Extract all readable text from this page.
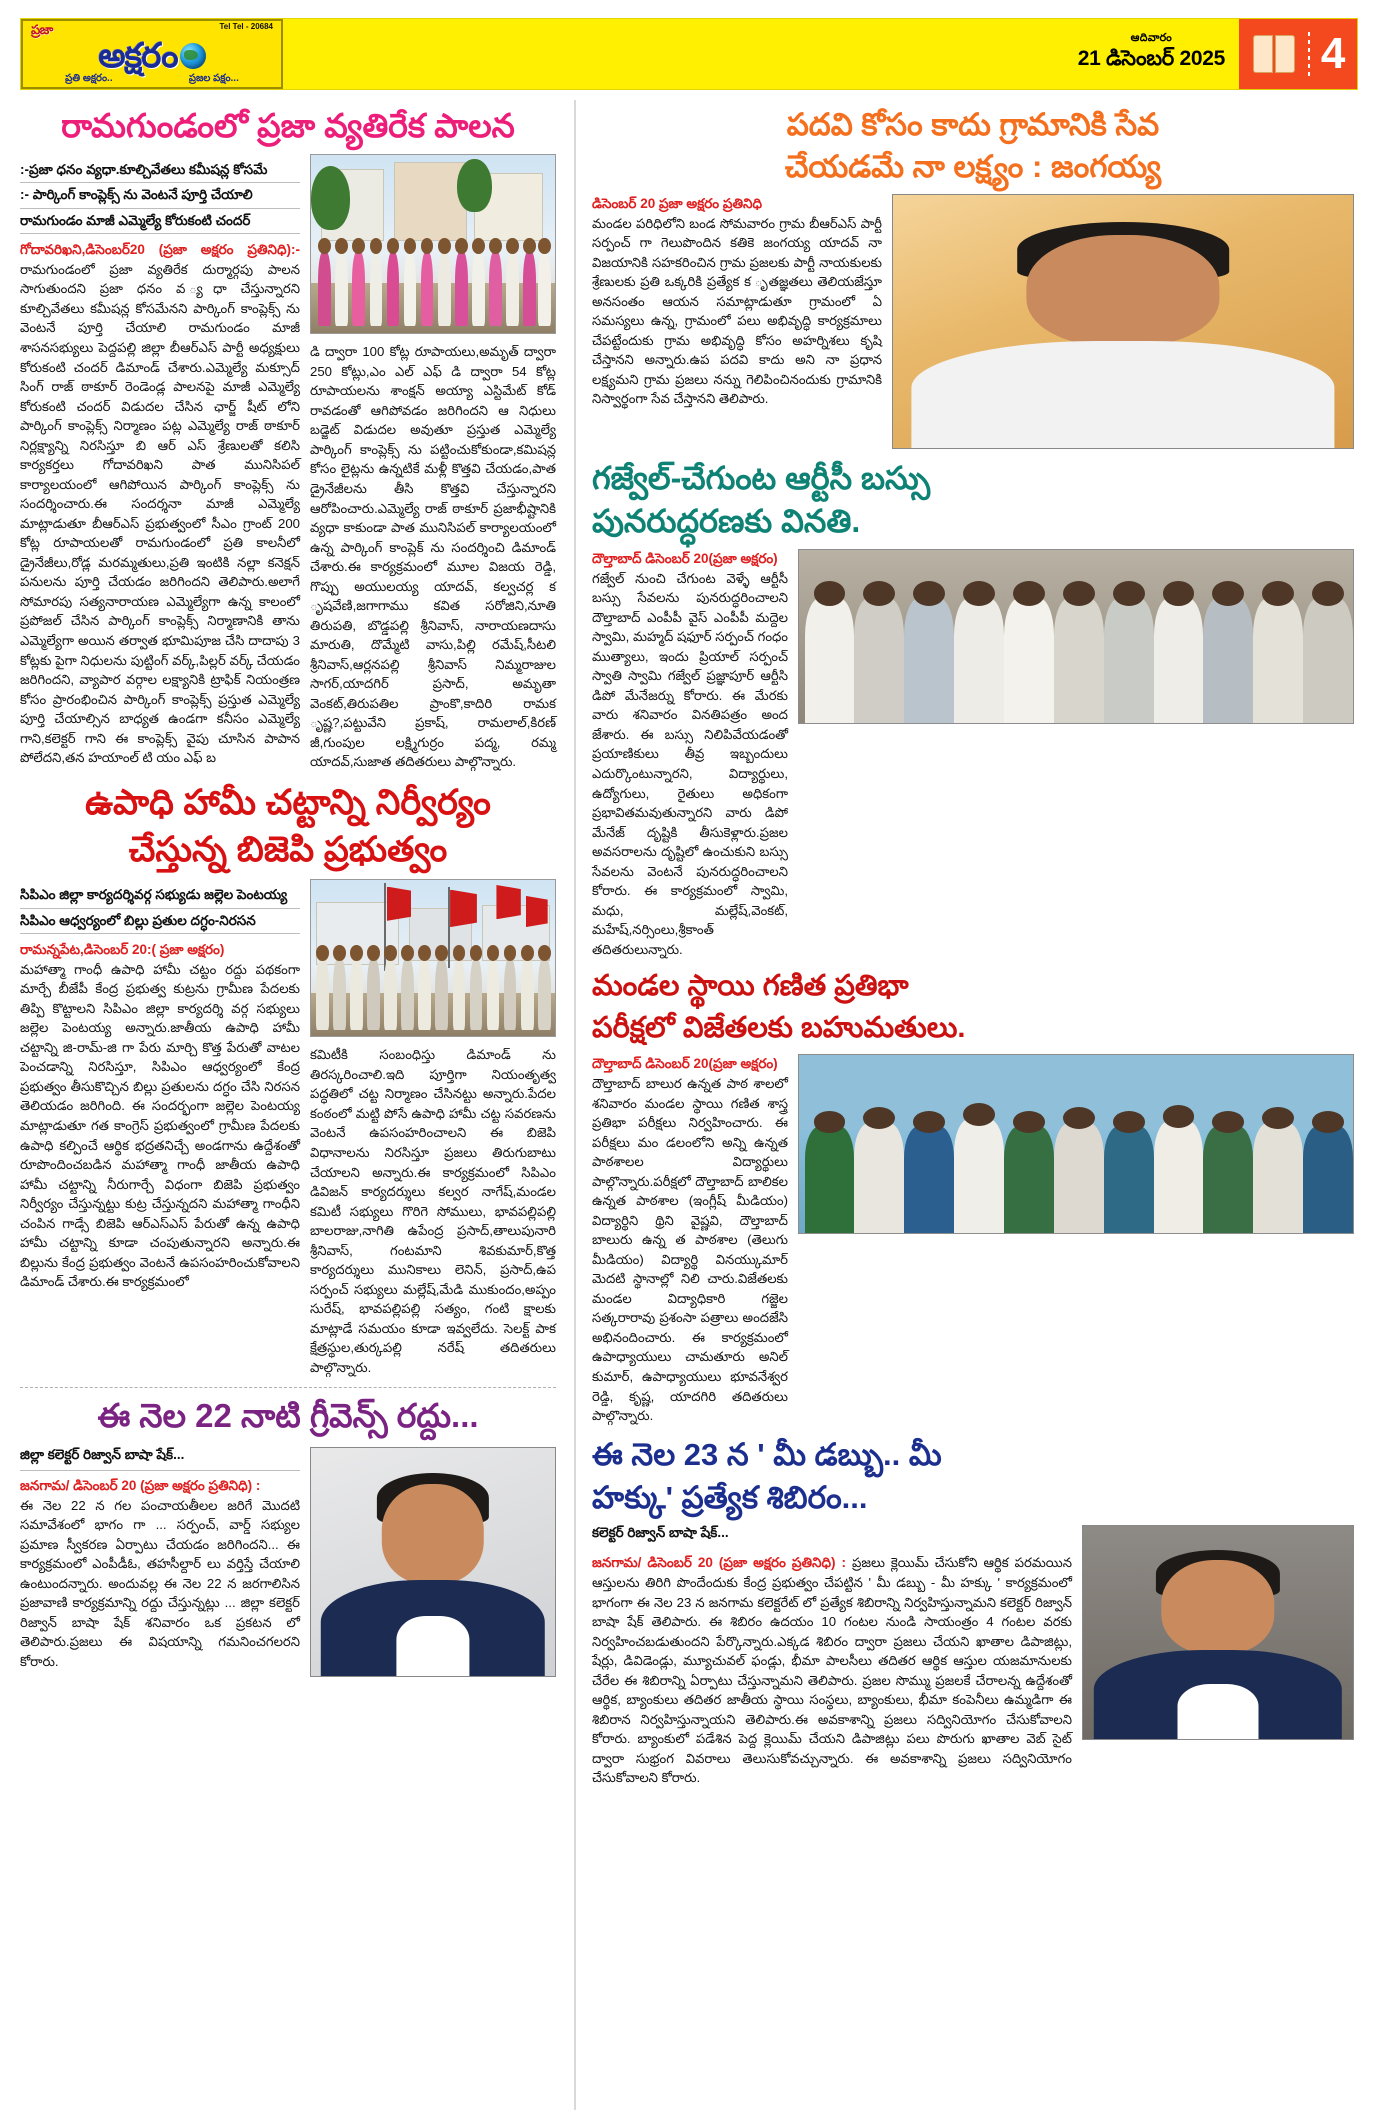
ప్రజా	Tel Tel - 20684
అక్షరం
ప్రతి అక్షరం..	ప్రజల పక్షం...
ఆదివారం
21 డిసెంబర్ 2025 4
రామగుండంలో ప్రజా వ్యతిరేక పాలన
:-ప్రజా ధనం వ్యధా.కూల్చివేతలు కమీషన్ల కోసమే
:- పార్కింగ్ కాంప్లెక్స్ ను వెంటనే పూర్తి చేయాలి
రామగుండం మాజీ ఎమ్మెల్యే కోరుకంటి చందర్
గోదావరిఖని,డిసెంబర్20 (ప్రజా అక్షరం ప్రతినిధి):- రామగుండంలో ప్రజా వ్యతిరేక దుర్మార్గపు పాలన సాగుతుందని ప్రజా ధనం వ ్యధా చేస్తున్నారని కూల్చివేతలు కమీషన్ల కోసమేనని పార్కింగ్ కాంప్లెక్స్ ను వెంటనే పూర్తి చేయాలి రామగుండం మాజీ శాసనసభ్యులు పెద్దపల్లి జిల్లా బీఆర్ఎస్ పార్టీ అధ్యక్షులు కోరుకంటి చందర్ డిమాండ్ చేశారు.ఎమ్మెల్యే మక్సూద్ సింగ్ రాజ్ ఠాకూర్ రెండెండ్ల పాలనపై మాజీ ఎమ్మెల్యే కోరుకంటి చందర్ విడుదల చేసిన ఛార్జ్ షీట్ లోని పార్కింగ్ కాంప్లెక్స్ నిర్మాణం పట్ల ఎమ్మెల్యే రాజ్ ఠాకూర్ నిర్లక్ష్యాన్ని నిరసిస్తూ బి ఆర్ ఎస్ శ్రేణులతో కలిసి కార్యకర్తలు గోదావరిఖని పాత మునిసిపల్ కార్యాలయంలో ఆగిపోయిన పార్కింగ్ కాంప్లెక్స్ ను సందర్శించారు.ఈ సందర్శనా మాజీ ఎమ్మెల్యే మాట్లాడుతూ బీఆర్ఎస్ ప్రభుత్వంలో సీఎం గ్రాంట్ 200 కోట్ల రూపాయలతో రామగుండంలో ప్రతి కాలనీలో డ్రైనేజీలు,రోడ్ల మరమ్మతులు,ప్రతి ఇంటికి నల్లా కనెక్షన్ పనులను పూర్తి చేయడం జరిగిందని తెలిపారు.అలాగే సోమారపు సత్యనారాయణ ఎమ్మెల్యేగా ఉన్న కాలంలో ప్రపోజల్ చేసిన పార్కింగ్ కాంప్లెక్స్ నిర్మాణానికి తాను ఎమ్మెల్యేగా అయిన తర్వాత భూమిపూజ చేసి దాదాపు 3 కోట్లకు పైగా నిధులను పుట్టింగ్ వర్క్,పిల్లర్ వర్క్ చేయడం జరిగిందని, వ్యాపార వర్గాల లక్ష్యానికి ట్రాఫిక్ నియంత్రణ కోసం ప్రారంభించిన పార్కింగ్ కాంప్లెక్స్ ప్రస్తుత ఎమ్మెల్యే పూర్తి చేయాల్సిన బాధ్యత ఉండగా కనీసం ఎమ్మెల్యే గాని,కలెక్టర్ గాని ఈ కాంప్లెక్స్ వైపు చూసిన పాపాన పోలేదని,తన హయాంల్ టి యం ఎఫ్ బ
డి ద్వారా 100 కోట్ల రూపాయలు,అమృత్ ద్వారా 250 కోట్లు,ఎం ఎల్ ఎఫ్ డి ద్వారా 54 కోట్ల రూపాయలను శాంక్షన్ అయ్యా ఎస్టిమేట్ కోడ్ రావడంతో ఆగిపోవడం జరిగిందని ఆ నిధులు బడ్జెట్ విడుదల అవుతూ ప్రస్తుత ఎమ్మెల్యే పార్కింగ్ కాంప్లెక్స్ ను పట్టించుకోకుండా,కమిషన్ల కోసం లైట్లను ఉన్నటికే మళ్లీ కొత్తవి చేయడం,పాత డ్రైనేజీలను తీసి కొత్తవి చేస్తున్నారని ఆరోపించారు.ఎమ్మెల్యే రాజ్ ఠాకూర్ ప్రజాభీష్టానికి వ్యధా కాకుండా పాత మునిసిపల్ కార్యాలయంలో ఉన్న పార్కింగ్ కాంప్లెక్ ను సందర్శించి డిమాండ్ చేశారు.ఈ కార్యక్రమంలో మూల విజయ రెడ్డి, గొప్పు అయులయ్య యాదవ్, కల్వచర్ల క ృషవేణి,జగాగాము కవిత సరోజిని,నూతి తిరుపతి, బొడ్డపల్లి శ్రీనివాస్, నారాయణదాసు మారుతి, దొమ్మేటి వాసు,పిల్లి రమేష్,సీటలి శ్రీనివాస్,ఆర్లనపల్లి శ్రీనివాస్ నిమ్మరాజుల సాగర్,యాదగిర్ ప్రసాద్, అమృతా వెంకట్,తిరుపతిల ప్రాంకొ,కాదిరి రామక ృష్ణ?,పట్టువేని ప్రకాష్, రామలాల్,కిరణ్ జీ,గుంపుల లక్ష్మిగుర్రం పద్మ, రమ్మ యాదవ్,సుజాత తదితరులు పాల్గొన్నారు.
ఉపాధి హామీ చట్టాన్ని నిర్వీర్యం
చేస్తున్న బిజెపి ప్రభుత్వం
సిపిఎం జిల్లా కార్యదర్శివర్గ సభ్యుడు జల్లెల పెంటయ్య
సిపిఎం ఆధ్వర్యంలో బిల్లు ప్రతుల దగ్ధం-నిరసన
రామన్నపేట,డిసెంబర్ 20:( ప్రజా అక్షరం)
మహాత్మా గాంధీ ఉపాధి హామీ చట్టం రద్దు పథకంగా మార్చే బీజేపీ కేంద్ర ప్రభుత్వ కుట్రను గ్రామీణ పేదలకు తిప్పి కొట్టాలని సిపిఎం జిల్లా కార్యదర్శి వర్గ సభ్యులు జల్లెల పెంటయ్య అన్నారు.జాతీయ ఉపాధి హామీ చట్టాన్ని జి-రామ్-జి గా పేరు మార్చి కొత్త పేరుతో వాటల పెంచడాన్ని నిరసిస్తూ, సిపిఎం ఆధ్వర్యంలో కేంద్ర ప్రభుత్వం తీసుకొచ్చిన బిల్లు ప్రతులను దగ్ధం చేసి నిరసన తెలియడం జరిగింది. ఈ సందర్భంగా జల్లెల పెంటయ్య మాట్లాడుతూ గత కాంగ్రెస్ ప్రభుత్వంలో గ్రామీణ పేదలకు ఉపాధి కల్పించే ఆర్థిక భద్రతనిచ్చే అండగాను ఉద్దేశంతో రూపొందించబడిన మహాత్మా గాంధీ జాతీయ ఉపాధి హామీ చట్టాన్ని నీరుగార్చే విధంగా బిజెపి ప్రభుత్వం నిర్వీర్యం చేస్తున్నట్టు కుట్ర చేస్తున్నదని మహాత్మా గాంధీని చంపిన గాడ్సే బిజెపి ఆర్ఎస్ఎస్ పేరుతో ఉన్న ఉపాధి హామీ చట్టాన్ని కూడా చంపుతున్నారని అన్నారు.ఈ బిల్లును కేంద్ర ప్రభుత్వం వెంటనే ఉపసంహరించుకోవాలని డిమాండ్ చేశారు.ఈ కార్యక్రమంలో
కమిటీకి సంబంధిస్తు డిమాండ్ ను తిరస్కరించాలి.ఇది పూర్తిగా నియంతృత్వ పద్ధతిలో చట్ట నిర్మాణం చేసినట్టు అన్నారు.పేదల కంఠంలో మట్టి పోసే ఉపాధి హామీ చట్ట సవరణను వెంటనే ఉపసంహరించాలని ఈ బిజెపి విధానాలను నిరసిస్తూ ప్రజలు తిరుగుబాటు చేయాలని అన్నారు.ఈ కార్యక్రమంలో సిపిఎం డివిజన్ కార్యదర్శులు కల్వర నాగేష్,మండల కమిటీ సభ్యులు గొరిగె సోములు, భావపల్లిపల్లి బాలరాజు,నాగితి ఉపేంద్ర ప్రసాద్,తాలుపునారి శ్రీనివాస్, గంటమాని శివకుమార్,కొత్త కార్యదర్శులు మునికాలు లెనిన్, ప్రసాద్,ఉప సర్పంచ్ సభ్యులు మల్లేష్,మేడి ముకుందం,అప్పం సురేష్, భావపల్లిపల్లి సత్యం, గంటి క్షాలకు మాట్లాడే సమయం కూడా ఇవ్వలేదు. సెలక్ట్ పాక క్షేత్రస్థుల,తుర్కపల్లి నరేష్ తదితరులు పాల్గొన్నారు.
ఈ నెల 22 నాటి గ్రీవెన్స్ రద్దు...
జిల్లా కలెక్టర్ రిజ్వాన్ బాషా షేక్...
జనగామ/ డిసెంబర్ 20 (ప్రజా అక్షరం ప్రతినిధి) :
ఈ నెల 22 న గల పంచాయతీలల జరిగే మొదటి సమావేశంలో భాగం గా ... సర్పంచ్, వార్డ్ సభ్యుల ప్రమాణ స్వీకరణ ఏర్పాటు చేయడం జరిగిందని... ఈ కార్యక్రమంలో ఎంపీడీఓ, తహసీల్దార్ లు వర్తిస్తే చేయాలి ఉంటుందన్నారు. అందువల్ల ఈ నెల 22 న జరగాలిసిన ప్రజావాణి కార్యక్రమాన్ని రద్దు చేస్తున్నట్లు ... జిల్లా కలెక్టర్ రిజ్వాన్ బాషా షేక్ శనివారం ఒక ప్రకటన లో తెలిపారు.ప్రజలు ఈ విషయాన్ని గమనించగలరని కోరారు.
పదవి కోసం కాదు గ్రామానికి సేవ
చేయడమే నా లక్ష్యం : జంగయ్య
డిసెంబర్ 20 ప్రజా అక్షరం ప్రతినిధి
మండల పరిధిలోని బండ సోమవారం గ్రామ బీఆర్ఎస్ పార్టీ సర్పంచ్ గా గెలుపొందిన కతికె జంగయ్య యాదవ్ నా విజయానికి సహకరించిన గ్రామ ప్రజలకు పార్టీ నాయకులకు శ్రేణులకు ప్రతి ఒక్కరికి ప్రత్యేక క ృతజ్ఞతలు తెలియజేస్తూ అనసంతం ఆయన సమాట్లాడుతూ గ్రామంలో ఏ సమస్యలు ఉన్న, గ్రామంలో పలు అభివృద్ధి కార్యక్రమాలు చేపట్టేందుకు గ్రామ అభివృద్ధి కోసం అహర్నిశలు కృషి చేస్తానని అన్నారు.ఉప పదవి కాదు అని నా ప్రధాన లక్ష్యమని గ్రామ ప్రజలు నన్ను గెలిపించినందుకు గ్రామానికి నిస్వార్థంగా సేవ చేస్తానని తెలిపారు.
గజ్వేల్-చేగుంట ఆర్టీసీ బస్సు
పునరుద్ధరణకు వినతి.
దౌల్తాబాద్ డిసెంబర్ 20(ప్రజా అక్షరం)
గజ్వేల్ నుంచి చేగుంట వెళ్ళే ఆర్టీసీ బస్సు సేవలను పునరుద్ధరించాలని దౌల్తాబాద్ ఎంపీపీ వైస్ ఎంపీపీ మద్దెల స్వామి, మహ్మద్ షఫూర్ సర్పంచ్ గంధం ముత్యాలు, ఇందు ప్రియాల్ సర్పంచ్ స్వాతి స్వామి గజ్వేల్ ప్రజ్ఞాపూర్ ఆర్టీసి డిపో మేనేజర్ను కోరారు. ఈ మేరకు వారు శనివారం వినతిపత్రం అంద జేశారు. ఈ బస్సు నిలిపివేయడంతో ప్రయాణికులు తీవ్ర ఇబ్బందులు ఎదుర్కొంటున్నారని, విద్యార్థులు, ఉద్యోగులు, రైతులు అధికంగా ప్రభావితమవుతున్నారని వారు డిపో మేనేజ్ దృష్టికి తీసుకెళ్లారు.ప్రజల అవసరాలను దృష్టిలో ఉంచుకుని బస్సు సేవలను వెంటనే పునరుద్ధరించాలని కోరారు. ఈ కార్యక్రమంలో స్వామి, మధు, మల్లేష్,వెంకట్, మహేష్,నర్సింలు,శ్రీకాంత్ తదితరులున్నారు.
మండల స్థాయి గణిత ప్రతిభా
పరీక్షలో విజేతలకు బహుమతులు.
దౌల్తాబాద్ డిసెంబర్ 20(ప్రజా అక్షరం)
దౌల్తాబాద్ బాలుర ఉన్నత పాఠ శాలలో శనివారం మండల స్థాయి గణిత శాస్త్ర ప్రతిభా పరీక్షలు నిర్వహించారు. ఈ పరీక్షలు మం డలంలోని అన్ని ఉన్నత పాఠశాలల విద్యార్థులు పాల్గొన్నారు.పరీక్షలో దౌల్తాబాద్ బాలికల ఉన్నత పాఠశాల (ఇంగ్లీష్ మీడియం) విద్యార్థిని థ్రిని వైష్ణవి, దౌల్తాబాద్ బాలురు ఉన్న త పాఠశాల (తెలుగు మీడియం) విద్యార్థి వినయ్కుమార్ మెదటి స్థానాల్లో నిలి చారు.విజేతలకు మండల విద్యాధికారి గజ్జెల సత్కరారావు ప్రశంసా పత్రాలు అందజేసి అభినందించారు. ఈ కార్యక్రమంలో ఉపాధ్యాయులు చామతూరు అనిల్ కుమార్, ఉపాధ్యాయులు భూవనేశ్వర రెడ్డి, కృష్ణ, యాదగిరి తదితరులు పాల్గొన్నారు.
ఈ నెల 23 న ' మీ డబ్బు.. మీ
హక్కు' ప్రత్యేక శిబిరం...
కలెక్టర్ రిజ్వాన్ బాషా షేక్...
జనగామ/ డిసెంబర్ 20 (ప్రజా అక్షరం ప్రతినిధి) : ప్రజలు క్లెయిమ్ చేసుకోని ఆర్థిక పరమయిన ఆస్తులను తిరిగి పొందేందుకు కేంద్ర ప్రభుత్వం చేపట్టిన ' మీ డబ్బు - మీ హక్కు ' కార్యక్రమంలో భాగంగా ఈ నెల 23 న జనగామ కలెక్టరేట్ లో ప్రత్యేక శిబిరాన్ని నిర్వహిస్తున్నామని కలెక్టర్ రిజ్వాన్ బాషా షేక్ తెలిపారు. ఈ శిబిరం ఉదయం 10 గంటల నుండి సాయంత్రం 4 గంటల వరకు నిర్వహించబడుతుందని పేర్కొన్నారు.ఎక్కడ శిబిరం ద్వారా ప్రజలు చేయని ఖాతాల డిపాజిట్లు, షేర్లు, డివిడెండ్లు, మ్యూచువల్ ఫండ్లు, భీమా పాలసీలు తదితర ఆర్థిక ఆస్తుల యజమానులకు చేరేల ఈ శిబిరాన్ని ఏర్పాటు చేస్తున్నామని తెలిపారు. ప్రజల సొమ్ము ప్రజలకే చేరాలన్న ఉద్దేశంతో ఆర్థిక, బ్యాంకులు తదితర జాతీయ స్థాయి సంస్థలు, బ్యాంకులు, భీమా కంపెనీలు ఉమ్మడిగా ఈ శిబిరాన నిర్వహిస్తున్నాయని తెలిపారు.ఈ అవకాశాన్ని ప్రజలు సద్వినియోగం చేసుకోవాలని కోరారు. బ్యాంకులో పడేశిన పెద్ద క్లెయిమ్ చేయని డిపాజిట్లు పలు పొరుగు ఖాతాల వెబ్ సైట్ ద్వారా సుభ్రంగ వివరాలు తెలుసుకోవచ్చున్నారు. ఈ అవకాశాన్ని ప్రజలు సద్వినియోగం చేసుకోవాలని కోరారు.
